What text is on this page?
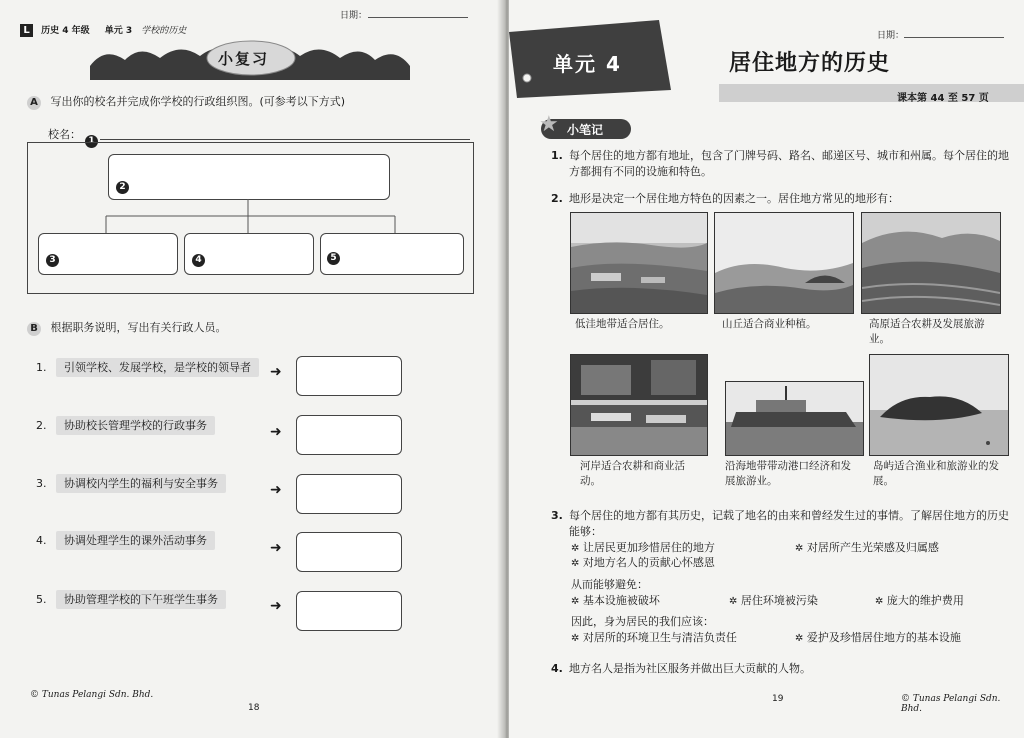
L 历史 4 年级 单元 3 学校的历史
日期：
小复习
A 写出你的校名并完成你学校的行政组织图。(可参考以下方式)
校名： 1
2
3	4	5
B 根据职务说明，写出有关行政人员。
1. 引领学校、发展学校，是学校的领导者	➜
2. 协助校长管理学校的行政事务	➜
3. 协调校内学生的福利与安全事务	➜
4. 协调处理学生的课外活动事务	➜
5. 协助管理学校的下午班学生事务	➜
© Tunas Pelangi Sdn. Bhd.
18
日期：
单元 4	居住地方的历史
课本第 44 至 57 页
★ 小笔记
1. 每个居住的地方都有地址，包含了门牌号码、路名、邮递区号、城市和州属。每个居住的地方都拥有不同的设施和特色。
2. 地形是决定一个居住地方特色的因素之一。居住地方常见的地形有：
低洼地带适合居住。	山丘适合商业种植。	高原适合农耕及发展旅游业。
河岸适合农耕和商业活动。
沿海地带带动港口经济和发展旅游业。
岛屿适合渔业和旅游业的发展。
3. 每个居住的地方都有其历史，记载了地名的由来和曾经发生过的事情。了解居住地方的历史能够：
✲ 让居民更加珍惜居住的地方	✲ 对居所产生光荣感及归属感
✲ 对地方名人的贡献心怀感恩
从而能够避免：
✲ 基本设施被破坏	✲ 居住环境被污染	✲ 庞大的维护费用
因此，身为居民的我们应该：
✲ 对居所的环境卫生与清洁负责任	✲ 爱护及珍惜居住地方的基本设施
4. 地方名人是指为社区服务并做出巨大贡献的人物。
19	© Tunas Pelangi Sdn. Bhd.
